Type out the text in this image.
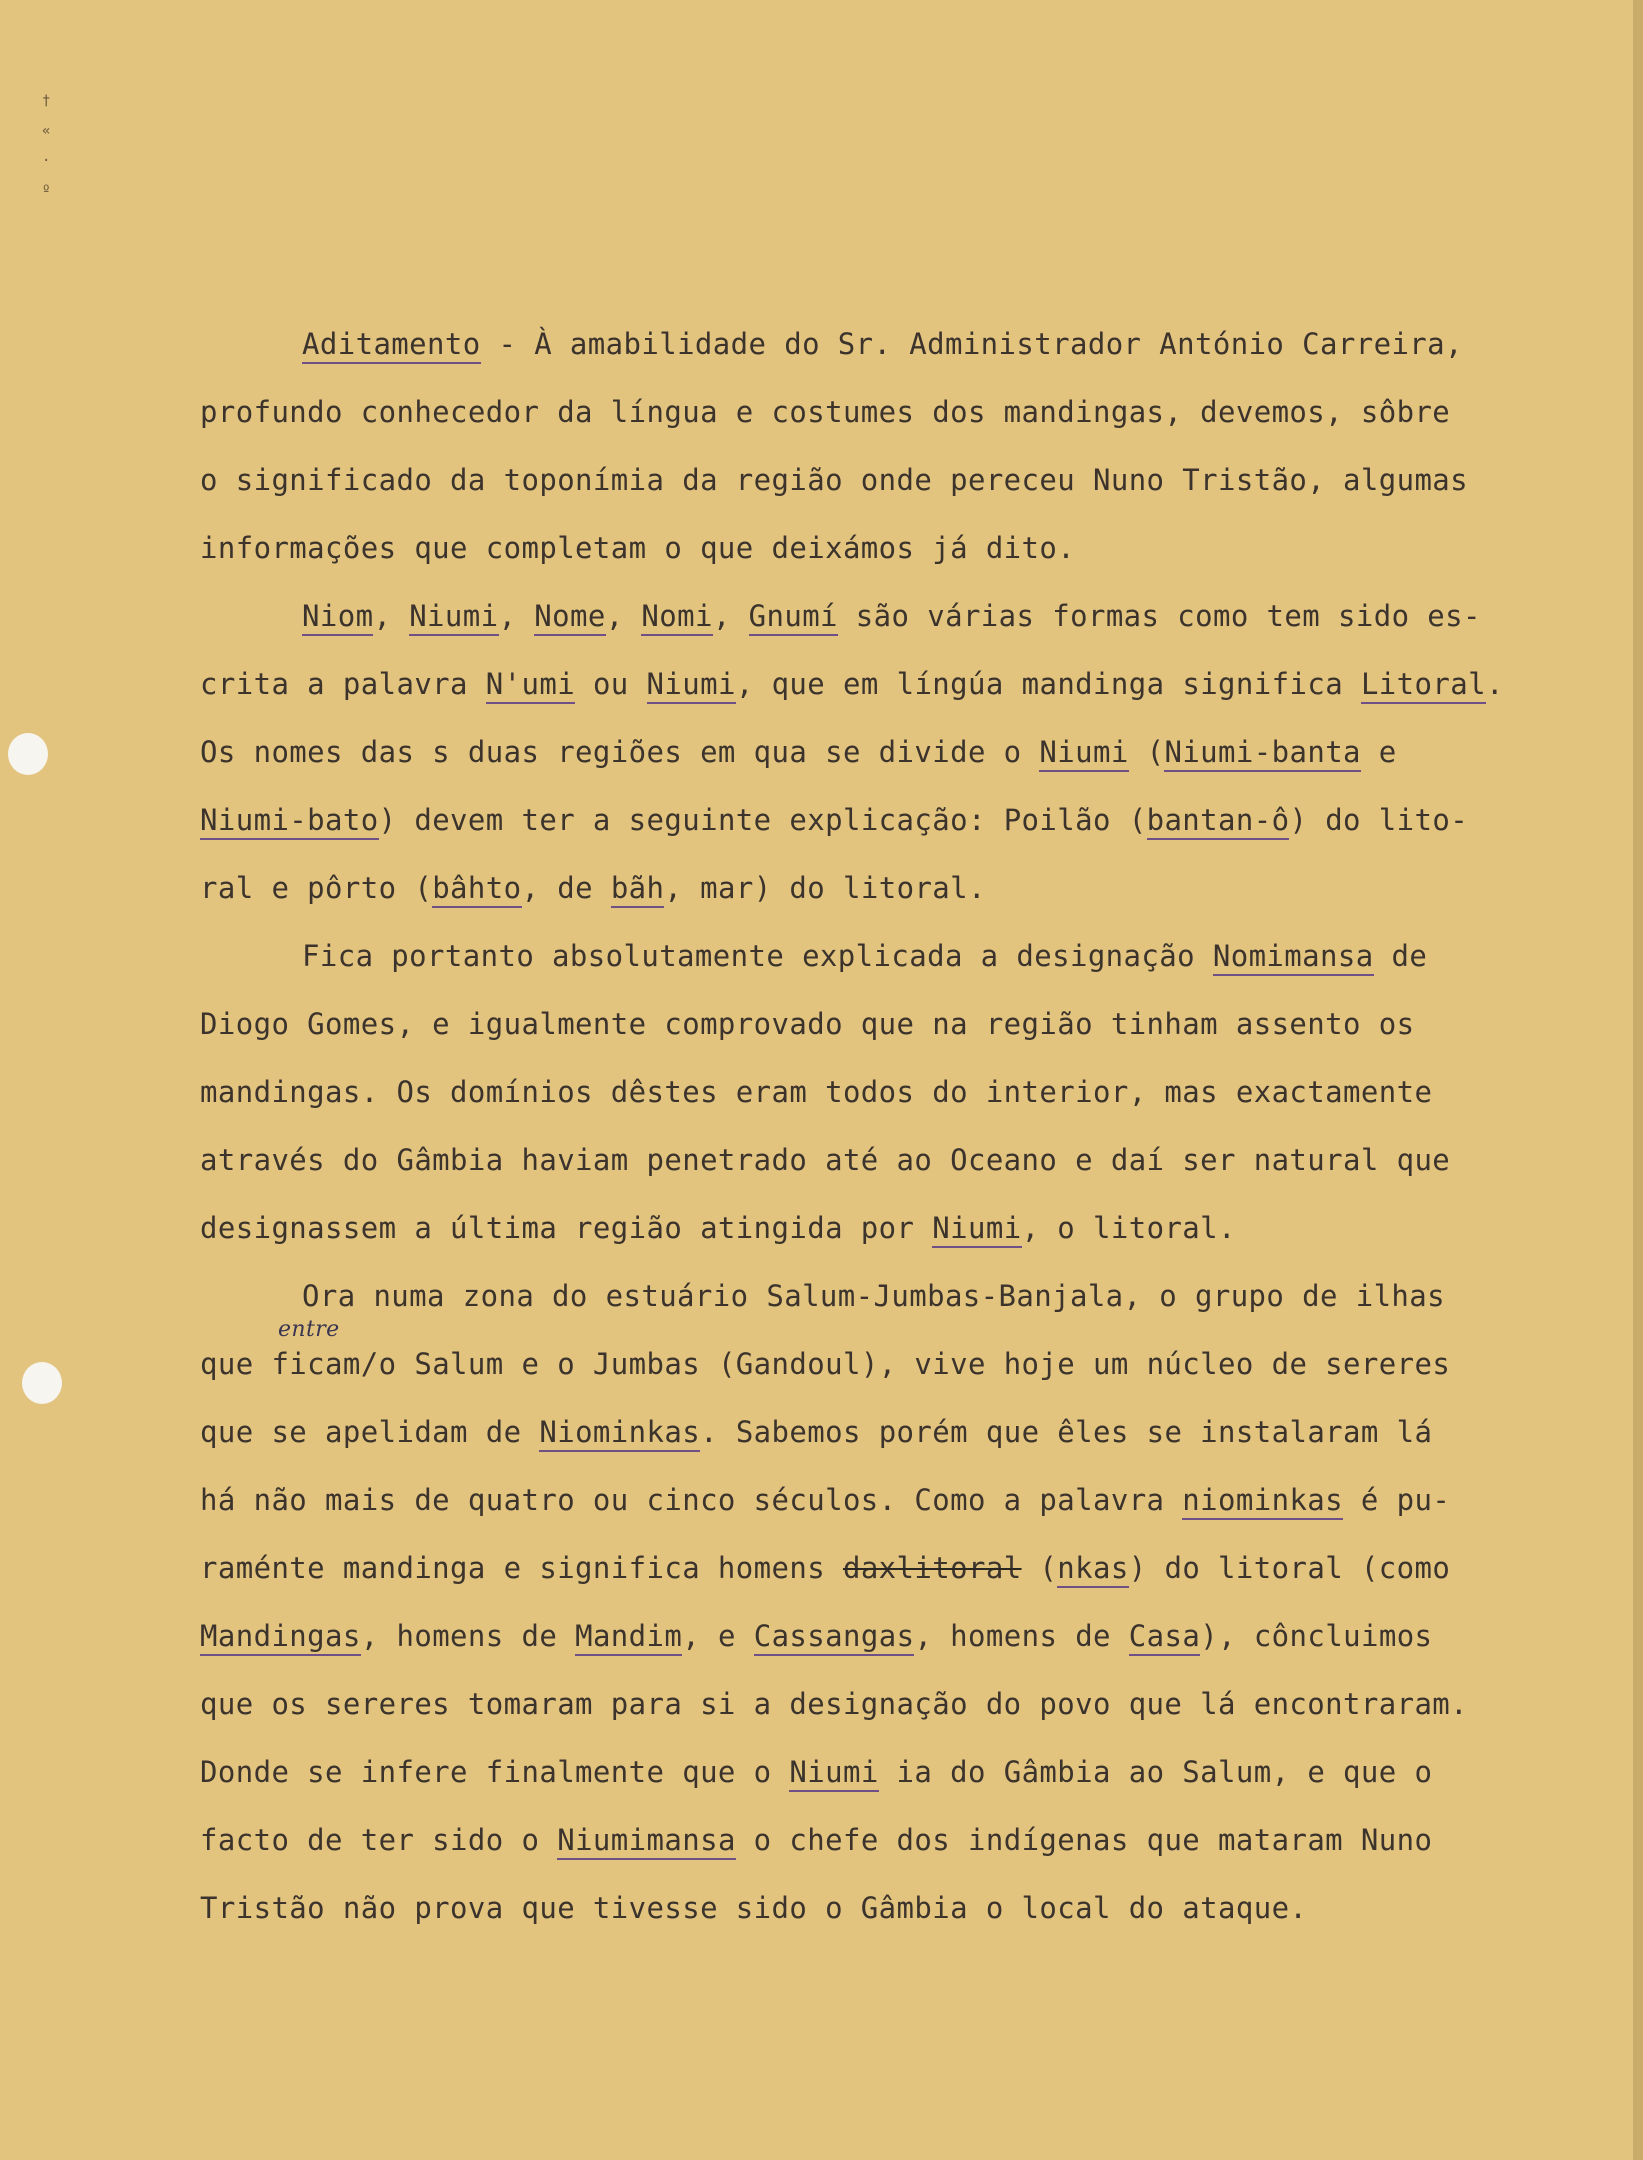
†
«
·
º
Aditamento - À amabilidade do Sr. Administrador António Carreira,
profundo conhecedor da língua e costumes dos mandingas, devemos, sôbre
o significado da toponímia da região onde pereceu Nuno Tristão, algumas
informações que completam o que deixámos já dito.
Niom, Niumi, Nome, Nomi, Gnumí são várias formas como tem sido es-
crita a palavra N'umi ou Niumi, que em língúa mandinga significa Litoral.
Os nomes das s duas regiões em qua se divide o Niumi (Niumi-banta e
Niumi-bato) devem ter a seguinte explicação: Poilão (bantan-ô) do lito-
ral e pôrto (bâhto, de bãh, mar) do litoral.
Fica portanto absolutamente explicada a designação Nomimansa de
Diogo Gomes, e igualmente comprovado que na região tinham assento os
mandingas. Os domínios dêstes eram todos do interior, mas exactamente
através do Gâmbia haviam penetrado até ao Oceano e daí ser natural que
designassem a última região atingida por Niumi, o litoral.
Ora numa zona do estuário Salum-Jumbas-Banjala, o grupo de ilhas
que ficam/o
entre
Salum e o Jumbas (Gandoul), vive hoje um núcleo de sereres
que se apelidam de Niominkas. Sabemos porém que êles se instalaram lá
há não mais de quatro ou cinco séculos. Como a palavra niominkas é pu-
raménte mandinga e significa homens daxlitoral (nkas) do litoral (como
Mandingas, homens de Mandim, e Cassangas, homens de Casa), côncluimos
que os sereres tomaram para si a designação do povo que lá encontraram.
Donde se infere finalmente que o Niumi ia do Gâmbia ao Salum, e que o
facto de ter sido o Niumimansa o chefe dos indígenas que mataram Nuno
Tristão não prova que tivesse sido o Gâmbia o local do ataque.
